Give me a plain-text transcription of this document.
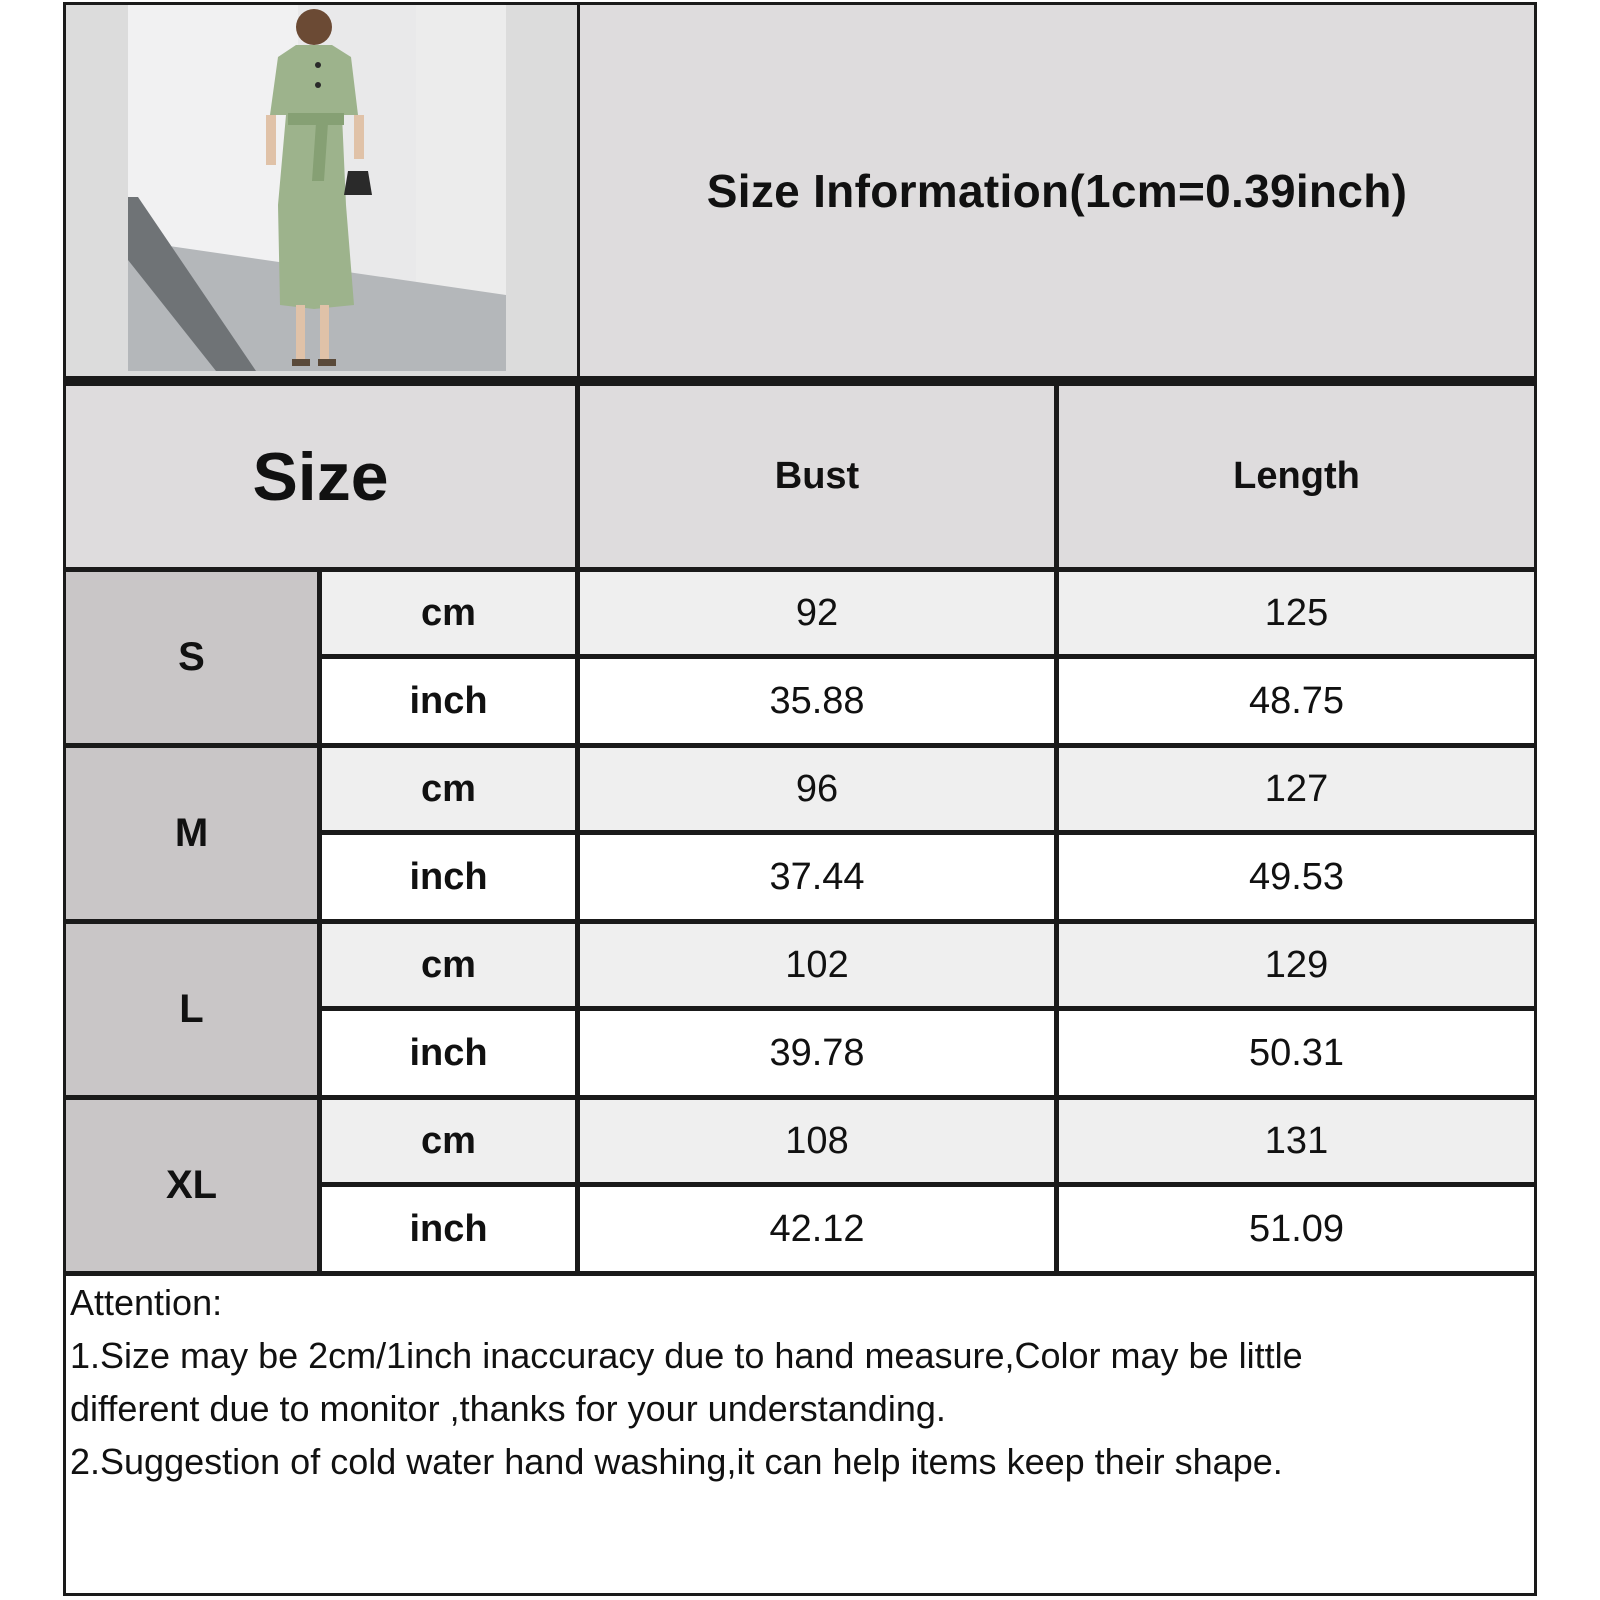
Size Information(1cm=0.39inch)
Size	Bust	Length
S
cm	92	125
inch	35.88	48.75
M
cm	96	127
inch	37.44	49.53
L
cm	102	129
inch	39.78	50.31
XL
cm	108	131
inch	42.12	51.09
Attention:
1.Size may be 2cm/1inch inaccuracy due to hand measure,Color may be little
different due to monitor ,thanks for your understanding.
2.Suggestion of cold water hand washing,it can help items keep their shape.
